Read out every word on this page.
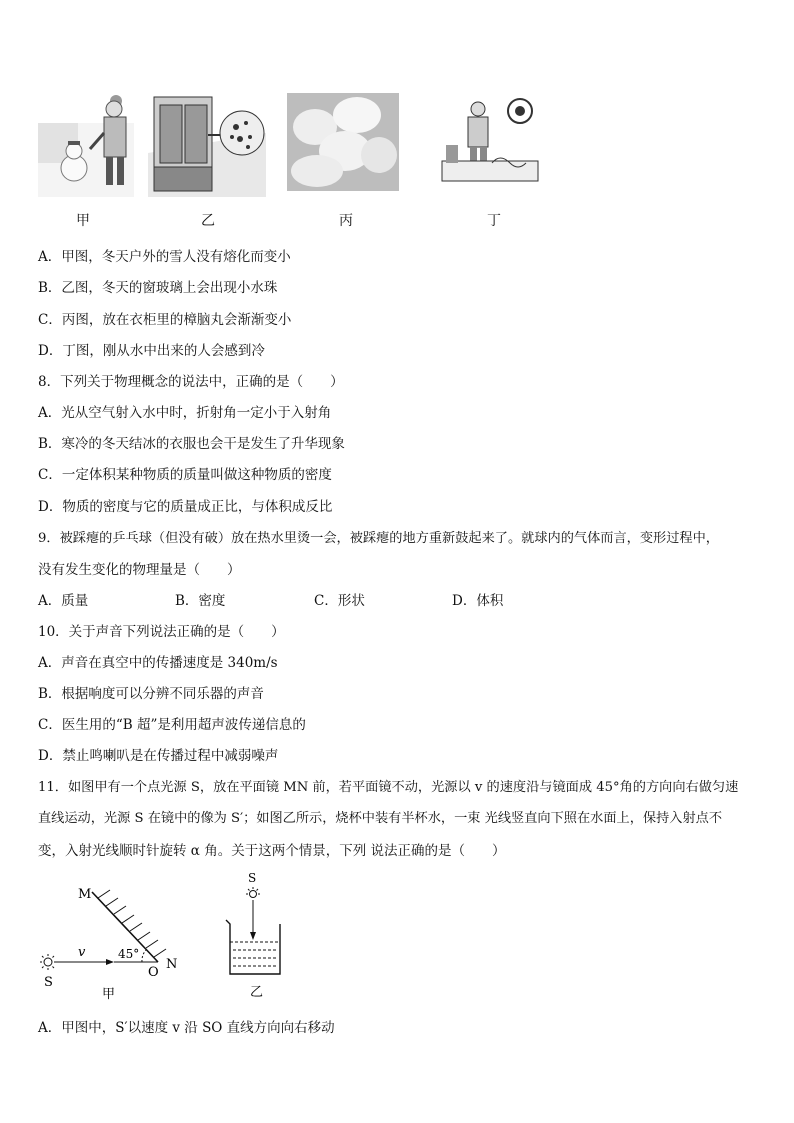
甲	乙	丙	丁
A．甲图，冬天户外的雪人没有熔化而变小
B．乙图，冬天的窗玻璃上会出现小水珠
C．丙图，放在衣柜里的樟脑丸会渐渐变小
D．丁图，刚从水中出来的人会感到冷
8．下列关于物理概念的说法中，正确的是（　　）
A．光从空气射入水中时，折射角一定小于入射角
B．寒冷的冬天结冰的衣服也会干是发生了升华现象
C．一定体积某种物质的质量叫做这种物质的密度
D．物质的密度与它的质量成正比，与体积成反比
9．被踩瘪的乒乓球（但没有破）放在热水里烫一会，被踩瘪的地方重新鼓起来了。就球内的气体而言，变形过程中，
没有发生变化的物理量是（　　）
A．质量	B．密度	C．形状	D．体积
10．关于声音下列说法正确的是（　　）
A．声音在真空中的传播速度是 340m/s
B．根据响度可以分辨不同乐器的声音
C．医生用的“B 超”是利用超声波传递信息的
D．禁止鸣喇叭是在传播过程中减弱噪声
11．如图甲有一个点光源 S，放在平面镜 MN 前，若平面镜不动，光源以 v 的速度沿与镜面成 45°角的方向向右做匀速
直线运动，光源 S 在镜中的像为 S′；如图乙所示，烧杯中装有半杯水，一束 光线竖直向下照在水面上，保持入射点不
变，入射光线顺时针旋转 α 角。关于这两个情景，下列 说法正确的是（　　）
M
v	45°
O
N
S
甲
S
乙
A．甲图中，S′以速度 v 沿 SO 直线方向向右移动
